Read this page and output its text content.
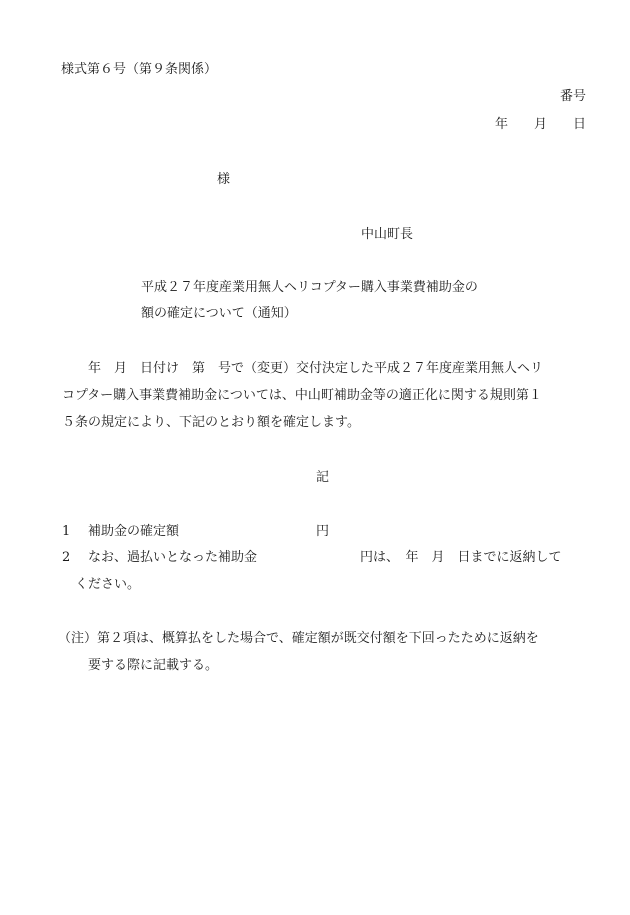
様式第６号（第９条関係）
番号
年　　月　　日
様
中山町長
平成２７年度産業用無人ヘリコプター購入事業費補助金の
額の確定について（通知）
　　年　月　日付け　第　号で（変更）交付決定した平成２７年度産業用無人ヘリ
コプター購入事業費補助金については、中山町補助金等の適正化に関する規則第１
５条の規定により、下記のとおり額を確定します。
記
1 補助金の確定額	円
2 なお、過払いとなった補助金	円は、　年　月　日までに返納して
ください。
（注）第２項は、概算払をした場合で、確定額が既交付額を下回ったために返納を
要する際に記載する。
